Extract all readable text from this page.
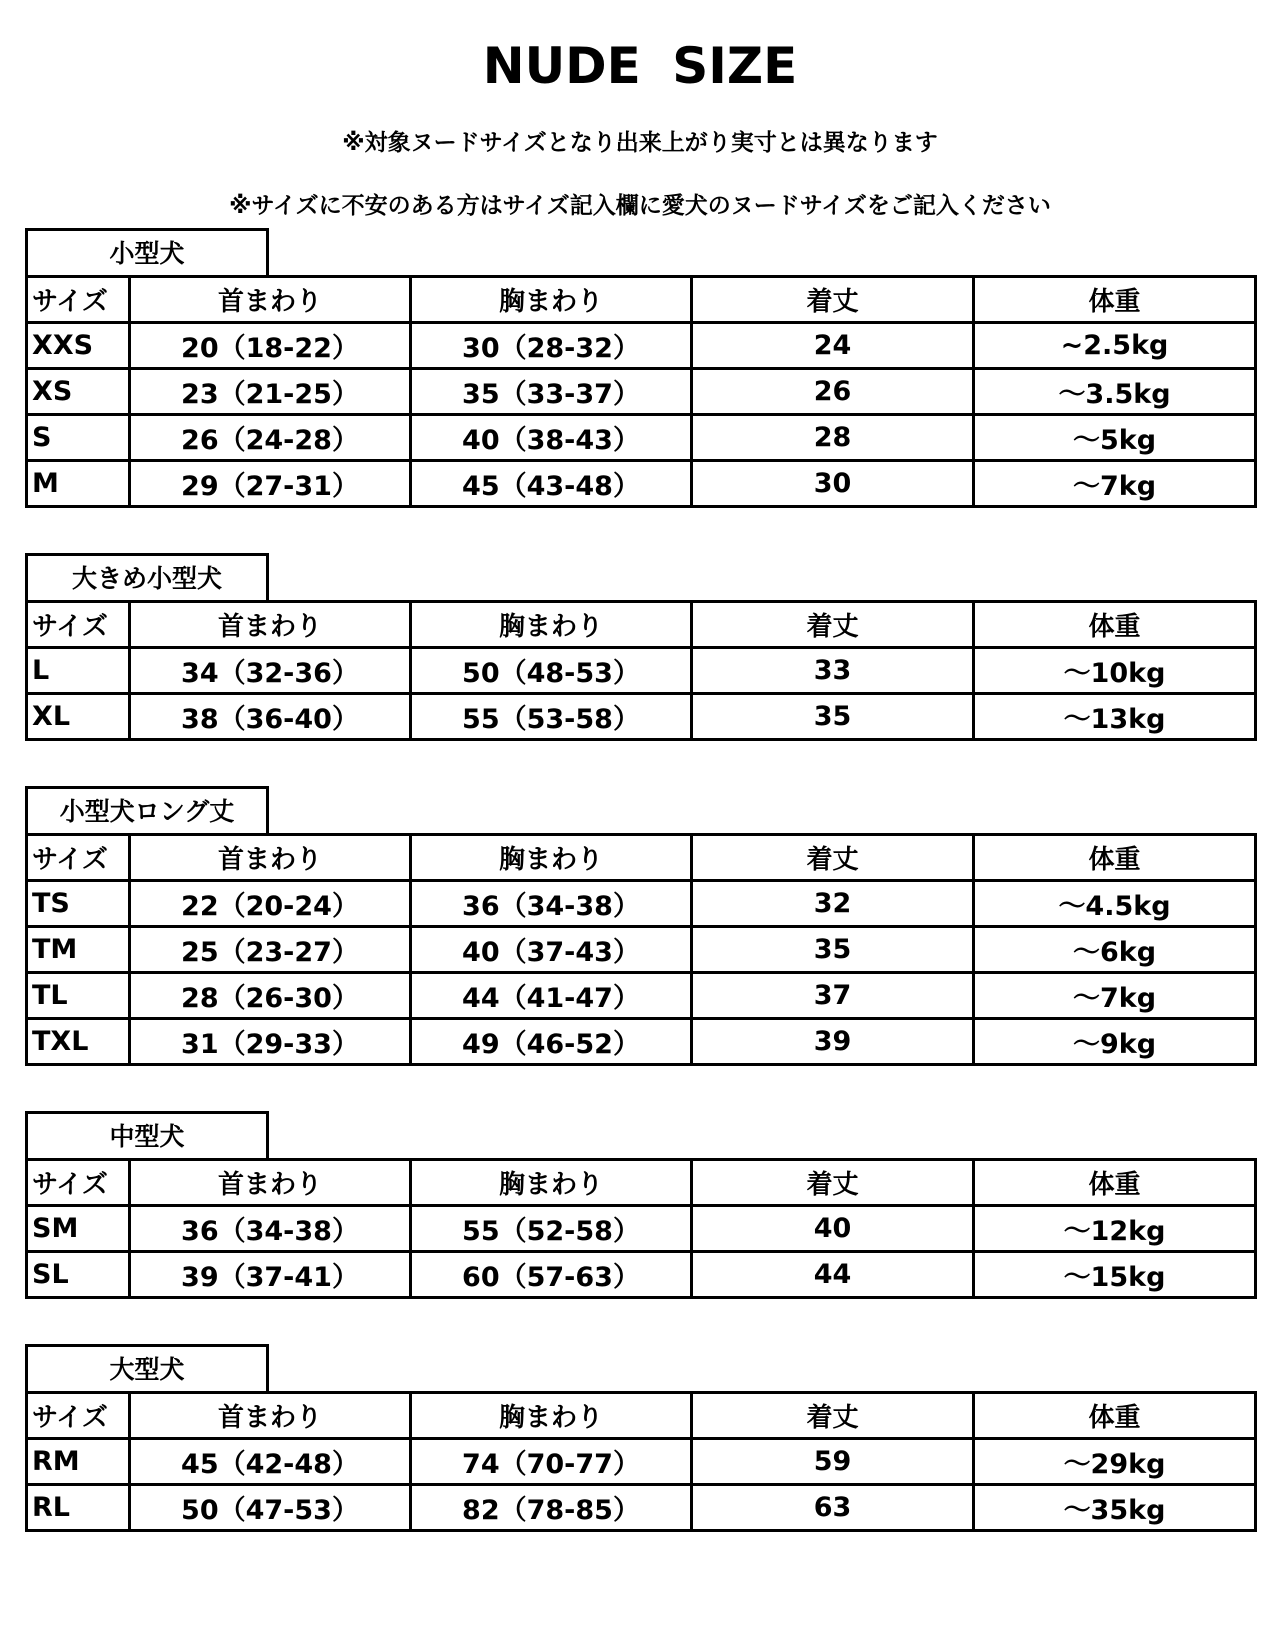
NUDE SIZE
※対象ヌードサイズとなり出来上がり実寸とは異なります
※サイズに不安のある方はサイズ記入欄に愛犬のヌードサイズをご記入ください
小型犬
サイズ	首まわり	胸まわり	着丈	体重
XXS	20（18-22）	30（28-32）	24	~2.5kg
XS	23（21-25）	35（33-37）	26	～3.5kg
S	26（24-28）	40（38-43）	28	～5kg
M	29（27-31）	45（43-48）	30	～7kg
大きめ小型犬
サイズ	首まわり	胸まわり	着丈	体重
L	34（32-36）	50（48-53）	33	～10kg
XL	38（36-40）	55（53-58）	35	～13kg
小型犬ロング丈
サイズ	首まわり	胸まわり	着丈	体重
TS	22（20-24）	36（34-38）	32	～4.5kg
TM	25（23-27）	40（37-43）	35	～6kg
TL	28（26-30）	44（41-47）	37	～7kg
TXL	31（29-33）	49（46-52）	39	～9kg
中型犬
サイズ	首まわり	胸まわり	着丈	体重
SM	36（34-38）	55（52-58）	40	～12kg
SL	39（37-41）	60（57-63）	44	～15kg
大型犬
サイズ	首まわり	胸まわり	着丈	体重
RM	45（42-48）	74（70-77）	59	～29kg
RL	50（47-53）	82（78-85）	63	～35kg
